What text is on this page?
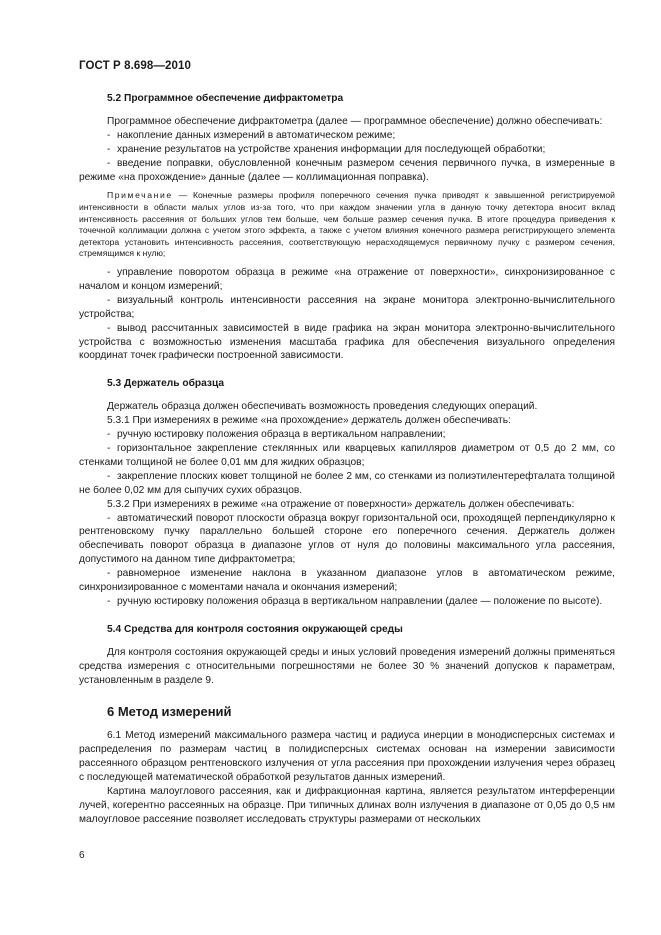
ГОСТ Р 8.698—2010

5.2 Программное обеспечение дифрактометра

Программное обеспечение дифрактометра (далее — программное обеспечение) должно обеспечивать:

- накопление данных измерений в автоматическом режиме;

- хранение результатов на устройстве хранения информации для последующей обработки;

- введение поправки, обусловленной конечным размером сечения первичного пучка, в измеренные в режиме «на прохождение» данные (далее — коллимационная поправка).

Примечание — Конечные размеры профиля поперечного сечения пучка приводят к завышенной регистрируемой интенсивности в области малых углов из-за того, что при каждом значении угла в данную точку детектора вносит вклад интенсивность рассеяния от больших углов тем больше, чем больше размер сечения пучка. В итоге процедура приведения к точечной коллимации должна с учетом этого эффекта, а также с учетом влияния конечного размера регистрирующего элемента детектора установить интенсивность рассеяния, соответствующую нерасходящемуся первичному пучку с размером сечения, стремящимся к нулю;

- управление поворотом образца в режиме «на отражение от поверхности», синхронизированное с началом и концом измерений;

- визуальный контроль интенсивности рассеяния на экране монитора электронно-вычислительного устройства;

- вывод рассчитанных зависимостей в виде графика на экран монитора электронно-вычислительного устройства с возможностью изменения масштаба графика для обеспечения визуального определения координат точек графически построенной зависимости.

5.3 Держатель образца

Держатель образца должен обеспечивать возможность проведения следующих операций.

5.3.1 При измерениях в режиме «на прохождение» держатель должен обеспечивать:

- ручную юстировку положения образца в вертикальном направлении;

- горизонтальное закрепление стеклянных или кварцевых капилляров диаметром от 0,5 до 2 мм, со стенками толщиной не более 0,01 мм для жидких образцов;

- закрепление плоских кювет толщиной не более 2 мм, со стенками из полиэтилентерефталата толщиной не более 0,02 мм для сыпучих сухих образцов.

5.3.2 При измерениях в режиме «на отражение от поверхности» держатель должен обеспечивать:

- автоматический поворот плоскости образца вокруг горизонтальной оси, проходящей перпендикулярно к рентгеновскому пучку параллельно большей стороне его поперечного сечения. Держатель должен обеспечивать поворот образца в диапазоне углов от нуля до половины максимального угла рассеяния, допустимого на данном типе дифрактометра;

- равномерное изменение наклона в указанном диапазоне углов в автоматическом режиме, синхронизированное с моментами начала и окончания измерений;

- ручную юстировку положения образца в вертикальном направлении (далее — положение по высоте).

5.4 Средства для контроля состояния окружающей среды

Для контроля состояния окружающей среды и иных условий проведения измерений должны применяться средства измерения с относительными погрешностями не более 30 % значений допусков к параметрам, установленным в разделе 9.

6 Метод измерений

6.1 Метод измерений максимального размера частиц и радиуса инерции в монодисперсных системах и распределения по размерам частиц в полидисперсных системах основан на измерении зависимости рассеянного образцом рентгеновского излучения от угла рассеяния при прохождении излучения через образец с последующей математической обработкой результатов данных измерений.

Картина малоуглового рассеяния, как и дифракционная картина, является результатом интерференции лучей, когерентно рассеянных на образце. При типичных длинах волн излучения в диапазоне от 0,05 до 0,5 нм малоугловое рассеяние позволяет исследовать структуры размерами от нескольких

6
